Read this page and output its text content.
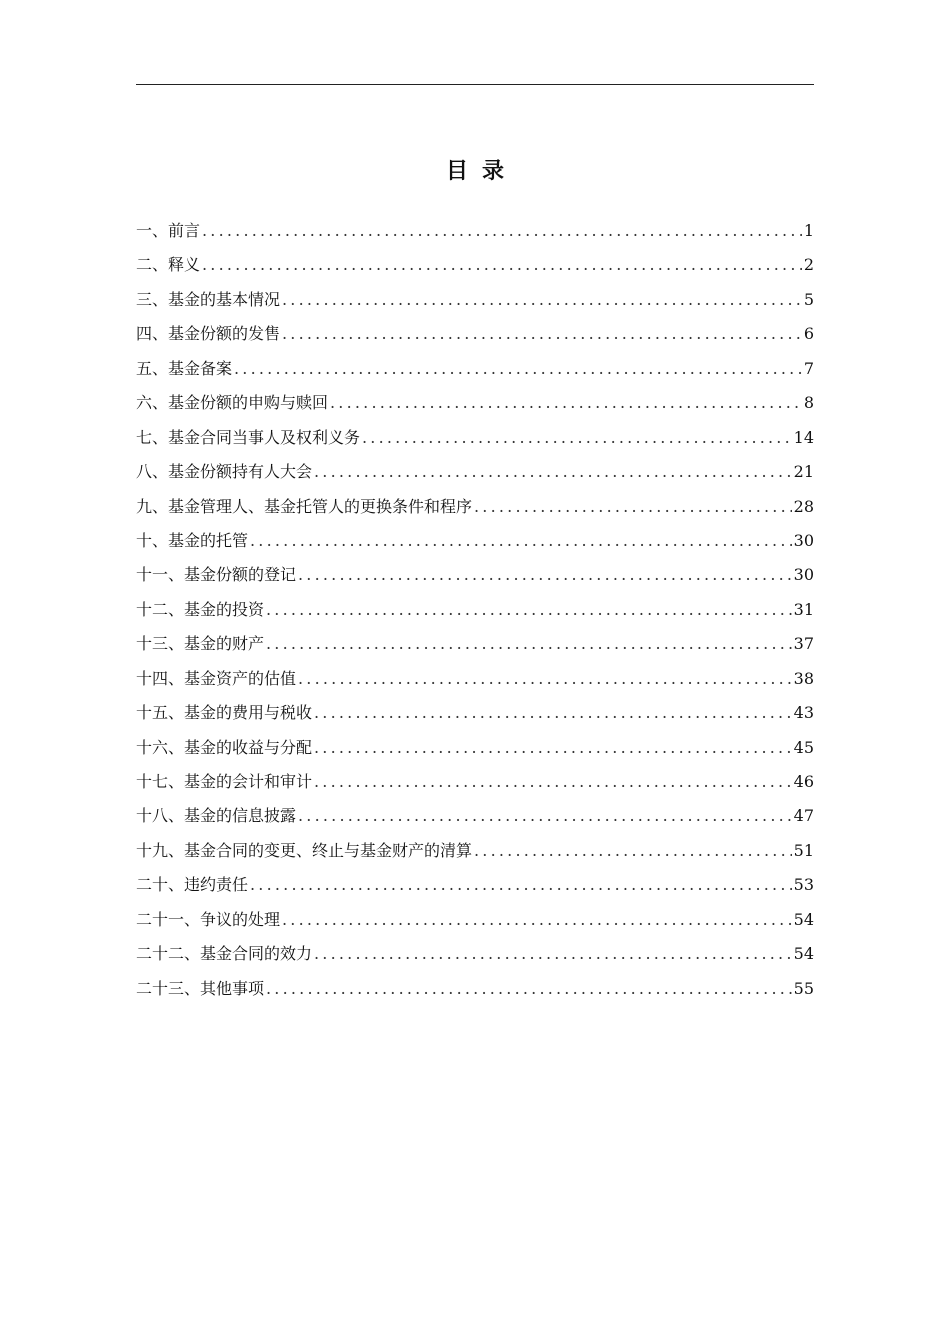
目录
一、前言 .....	1
二、释义 .....	2
三、基金的基本情况 .....	5
四、基金份额的发售 .....	6
五、基金备案 .....	7
六、基金份额的申购与赎回 .....	8
七、基金合同当事人及权利义务 .....	14
八、基金份额持有人大会 .....	21
九、基金管理人、基金托管人的更换条件和程序 .....	28
十、基金的托管 .....	30
十一、基金份额的登记 .....	30
十二、基金的投资 .....	31
十三、基金的财产 .....	37
十四、基金资产的估值 .....	38
十五、基金的费用与税收 .....	43
十六、基金的收益与分配 .....	45
十七、基金的会计和审计 .....	46
十八、基金的信息披露 .....	47
十九、基金合同的变更、终止与基金财产的清算 .....	51
二十、违约责任 .....	53
二十一、争议的处理 .....	54
二十二、基金合同的效力 .....	54
二十三、其他事项 .....	55
